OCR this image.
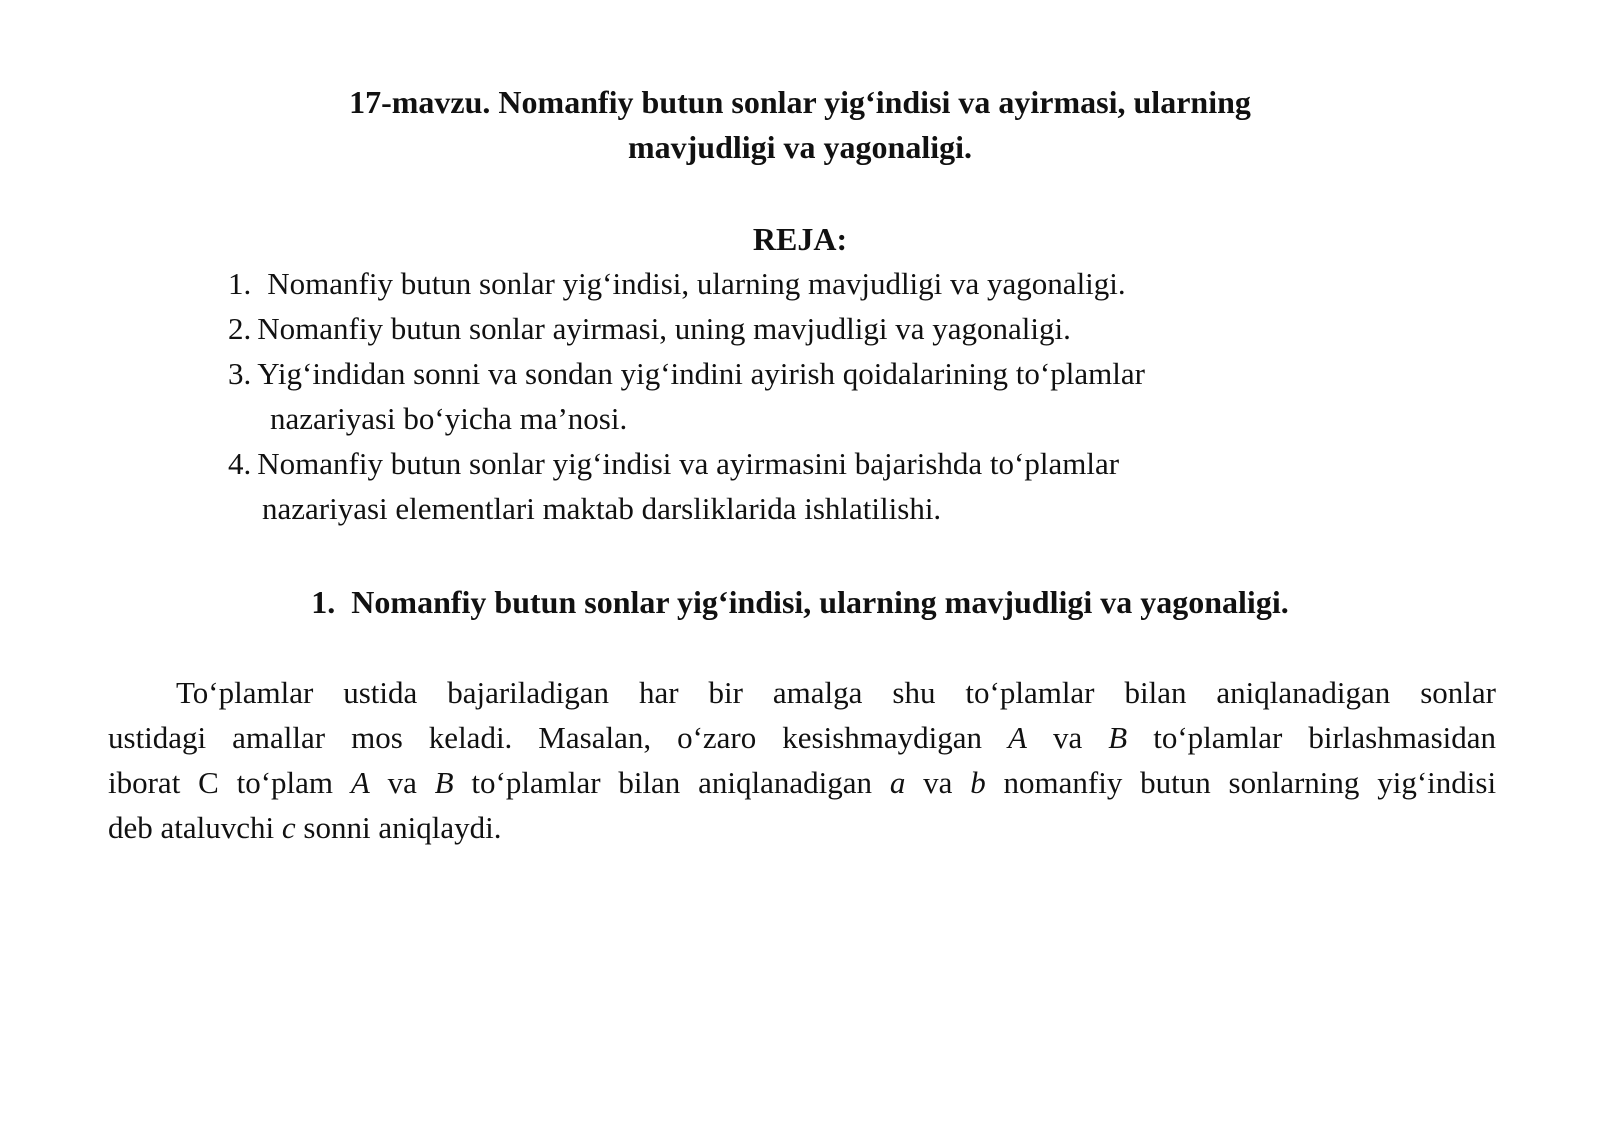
17-mavzu. Nomanfiy butun sonlar yig‘indisi va ayirmasi, ularning
mavjudligi va yagonaligi.
REJA:
1. Nomanfiy butun sonlar yig‘indisi, ularning mavjudligi va yagonaligi.
2. Nomanfiy butun sonlar ayirmasi, uning mavjudligi va yagonaligi.
3. Yig‘indidan sonni va sondan yig‘indini ayirish qoidalarining to‘plamlar
nazariyasi bo‘yicha ma’nosi.
4. Nomanfiy butun sonlar yig‘indisi va ayirmasini bajarishda to‘plamlar
nazariyasi elementlari maktab darsliklarida ishlatilishi.
1. Nomanfiy butun sonlar yig‘indisi, ularning mavjudligi va yagonaligi.
To‘plamlar ustida bajariladigan har bir amalga shu to‘plamlar bilan aniqlanadigan sonlar
ustidagi amallar mos keladi. Masalan, o‘zaro kesishmaydigan A va B to‘plamlar birlashmasidan
iborat C to‘plam A va B to‘plamlar bilan aniqlanadigan a va b nomanfiy butun sonlarning yig‘indisi
deb ataluvchi c sonni aniqlaydi.
